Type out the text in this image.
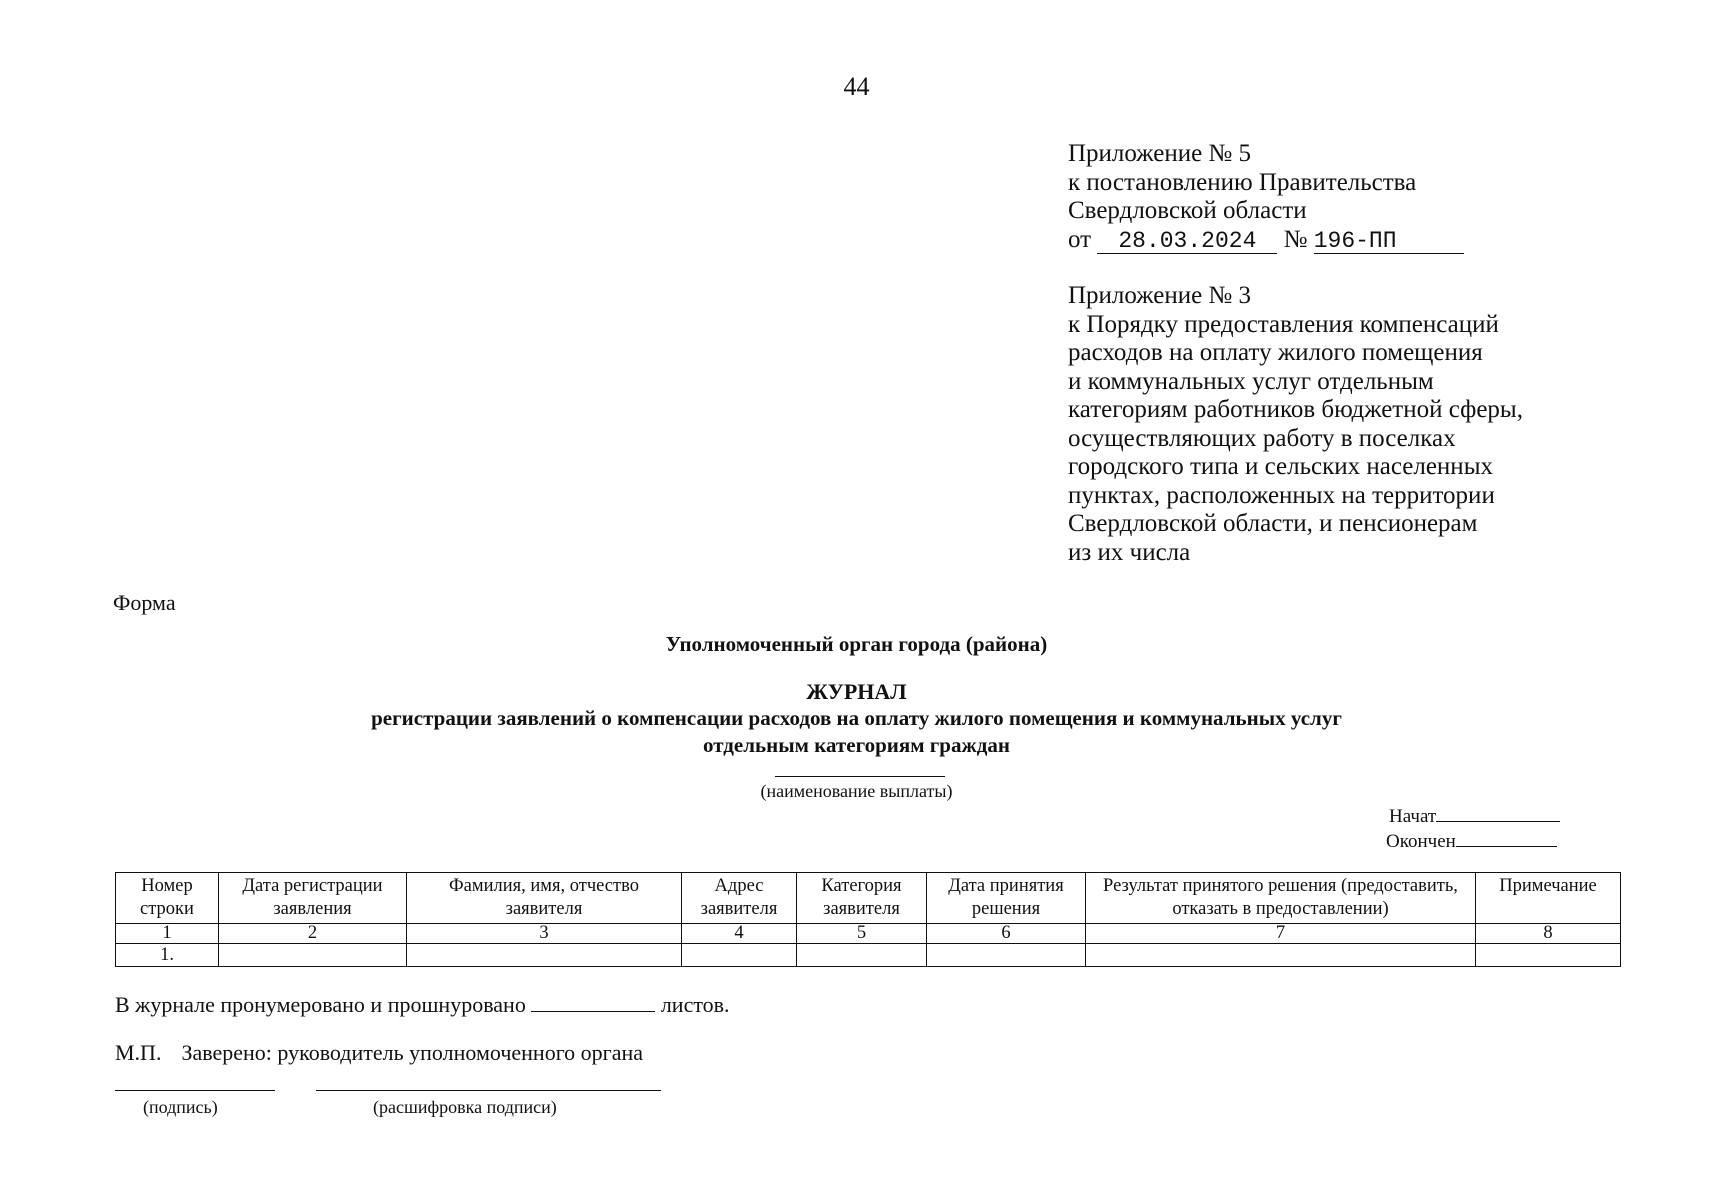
44
Приложение № 5
к постановлению Правительства
Свердловской области
от 28.03.2024 № 196-ПП
Приложение № 3
к Порядку предоставления компенсаций
расходов на оплату жилого помещения
и коммунальных услуг отдельным
категориям работников бюджетной сферы,
осуществляющих работу в поселках
городского типа и сельских населенных
пунктах, расположенных на территории
Свердловской области, и пенсионерам
из их числа
Форма
Уполномоченный орган города (района)
ЖУРНАЛ
регистрации заявлений о компенсации расходов на оплату жилого помещения и коммунальных услуг
отдельным категориям граждан
(наименование выплаты)
Начат
Окончен
Номер строки	Дата регистрации заявления	Фамилия, имя, отчество заявителя	Адрес заявителя	Категория заявителя	Дата принятия решения	Результат принятого решения (предоставить, отказать в предоставлении)	Примечание
1	2	3	4	5	6	7	8
1.							
В журнале пронумеровано и прошнуровано	листов.
М.П. Заверено: руководитель уполномоченного органа
(подпись)	(расшифровка подписи)
